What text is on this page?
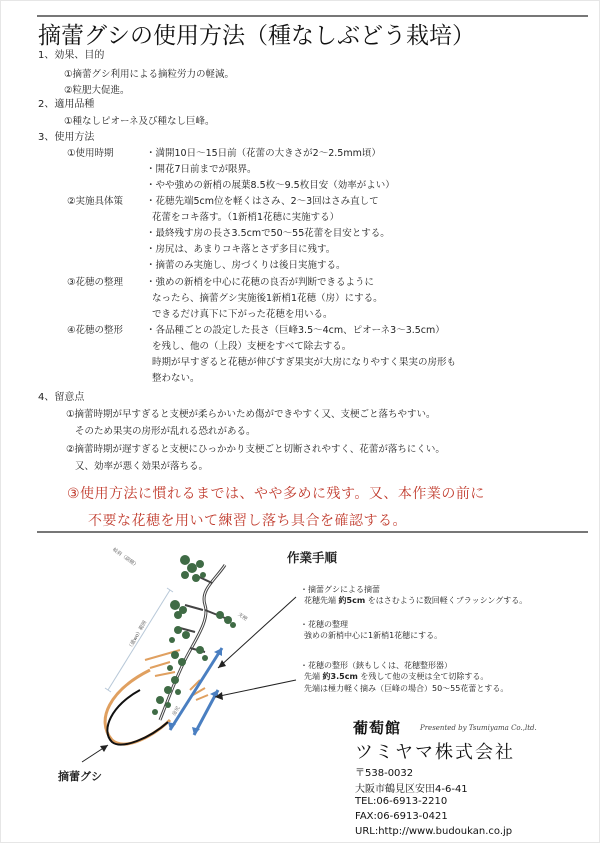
摘蕾グシの使用方法（種なしぶどう栽培）
1、効果、目的
①摘蕾グシ利用による摘粒労力の軽減。
②粒肥大促進。
2、適用品種
①種なしピオーネ及び種なし巨峰。
3、使用方法
①使用時期	・満開10日～15日前（花蕾の大きさが2～2.5mm頃）
・開花7日前までが限界。
・やや強めの新梢の展葉8.5枚～9.5枚目安（効率がよい）
②実施具体策 ・花穂先端5cm位を軽くはさみ、2～3回はさみ直して
花蕾をコキ落す。（1新梢1花穂に実施する）
・最終残す房の長さ3.5cmで50～55花蕾を目安とする。
・房尻は、あまりコキ落とさず多目に残す。
・摘蕾のみ実施し、房づくりは後日実施する。
③花穂の整理 ・強めの新梢を中心に花穂の良否が判断できるように
なったら、摘蕾グシ実施後1新梢1花穂（房）にする。
できるだけ真下に下がった花穂を用いる。
④花穂の整形 ・各品種ごとの設定した長さ（巨峰3.5～4cm、ピオーネ3～3.5cm）
を残し、他の（上段）支梗をすべて除去する。
時期が早すぎると花穂が伸びすぎ果実が大房になりやすく果実の房形も
整わない。
4、留意点
①摘蕾時期が早すぎると支梗が柔らかいため傷ができやすく又、支梗ごと落ちやすい。
そのため果実の房形が乱れる恐れがある。
②摘蕾時期が遅すぎると支梗にひっかかり支梗ごと切断されやすく、花蕾が落ちにくい。
又、効率が悪く効果が落ちる。
③使用方法に慣れるまでは、やや多めに残す。又、本作業の前に
不要な花穂を用いて練習し落ち具合を確認する。
岐肩（副穂）
（適wo）範囲
支梗
房尻
摘蕾グシ
作業手順
・摘蕾グシによる摘蕾
花穂先端 約5cm をはさむように数回軽くブラッシングする。
・花穂の整理
強めの新梢中心に1新梢1花穂にする。
・花穂の整形（鋏もしくは、花穂整形器）
先端 約3.5cm を残して他の支梗は全て切除する。
先端は極力軽く摘み（巨峰の場合）50～55花蕾とする。
葡萄館	Presented by Tsumiyama Co.,ltd.
ツミヤマ株式会社
〒538-0032
大阪市鶴見区安田4-6-41
TEL:06-6913-2210
FAX:06-6913-0421
URL:http://www.budoukan.co.jp
